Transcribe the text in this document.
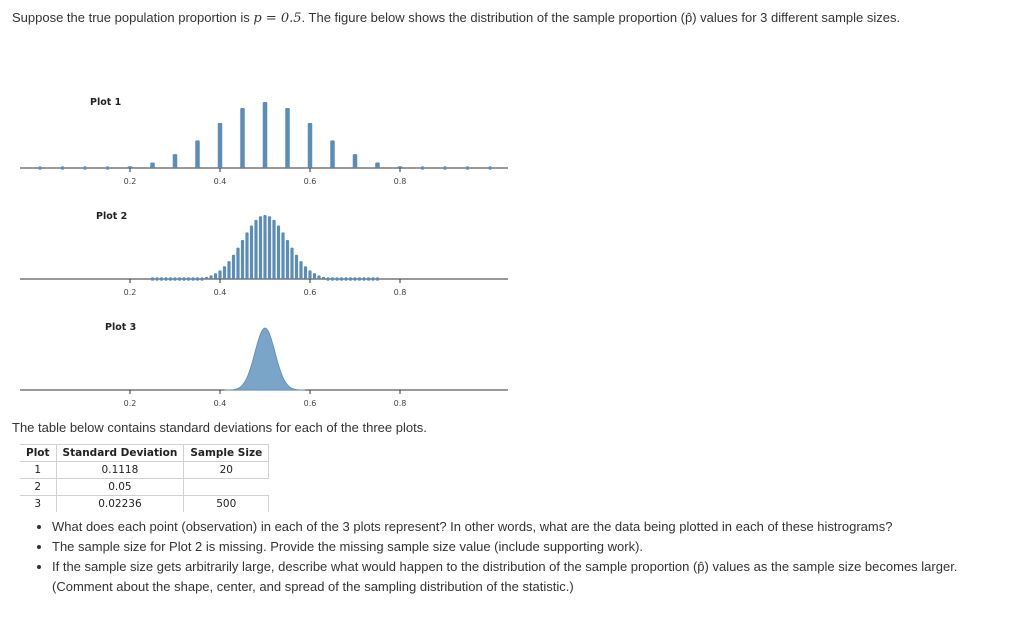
Suppose the true population proportion is p = 0.5. The figure below shows the distribution of the sample proportion (p̂) values for 3 different sample sizes.
Plot 1
0.2	0.4	0.6	0.8
Plot 2
0.2	0.4	0.6	0.8
Plot 3
0.2	0.4	0.6	0.8
The table below contains standard deviations for each of the three plots.
Plot	Standard Deviation	Sample Size
1	0.1118	20
2	0.05	
3	0.02236	500
• What does each point (observation) in each of the 3 plots represent? In other words, what are the data being plotted in each of these histrograms?
• The sample size for Plot 2 is missing. Provide the missing sample size value (include supporting work).
• If the sample size gets arbitrarily large, describe what would happen to the distribution of the sample proportion (p̂) values as the sample size becomes larger. (Comment about the shape, center, and spread of the sampling distribution of the statistic.)
